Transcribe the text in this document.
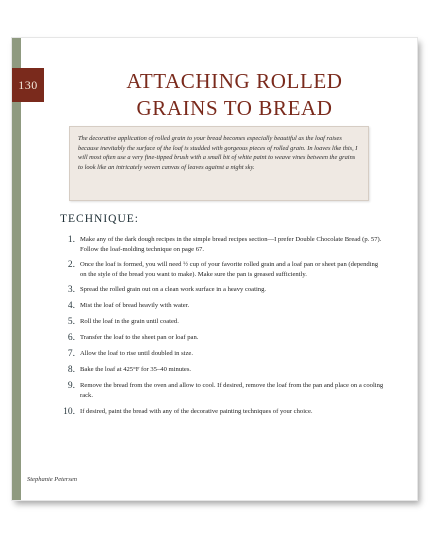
130	ATTACHING ROLLED
GRAINS TO BREAD
The decorative application of rolled grain to your bread becomes especially beautiful as the loaf raises because inevitably the surface of the loaf is studded with gorgeous pieces of rolled grain. In loaves like this, I will most often use a very fine-tipped brush with a small bit of white paint to weave vines between the grains to look like an intricately woven canvas of leaves against a night sky.
TECHNIQUE:
1. Make any of the dark dough recipes in the simple bread recipes section—I prefer Double Chocolate Bread (p. 57). Follow the loaf-molding technique on page 67.
2. Once the loaf is formed, you will need ½ cup of your favorite rolled grain and a loaf pan or sheet pan (depending on the style of the bread you want to make). Make sure the pan is greased sufficiently.
3. Spread the rolled grain out on a clean work surface in a heavy coating.
4. Mist the loaf of bread heavily with water.
5. Roll the loaf in the grain until coated.
6. Transfer the loaf to the sheet pan or loaf pan.
7. Allow the loaf to rise until doubled in size.
8. Bake the loaf at 425°F for 35–40 minutes.
9. Remove the bread from the oven and allow to cool. If desired, remove the loaf from the pan and place on a cooling rack.
10. If desired, paint the bread with any of the decorative painting techniques of your choice.
Stephanie Petersen
